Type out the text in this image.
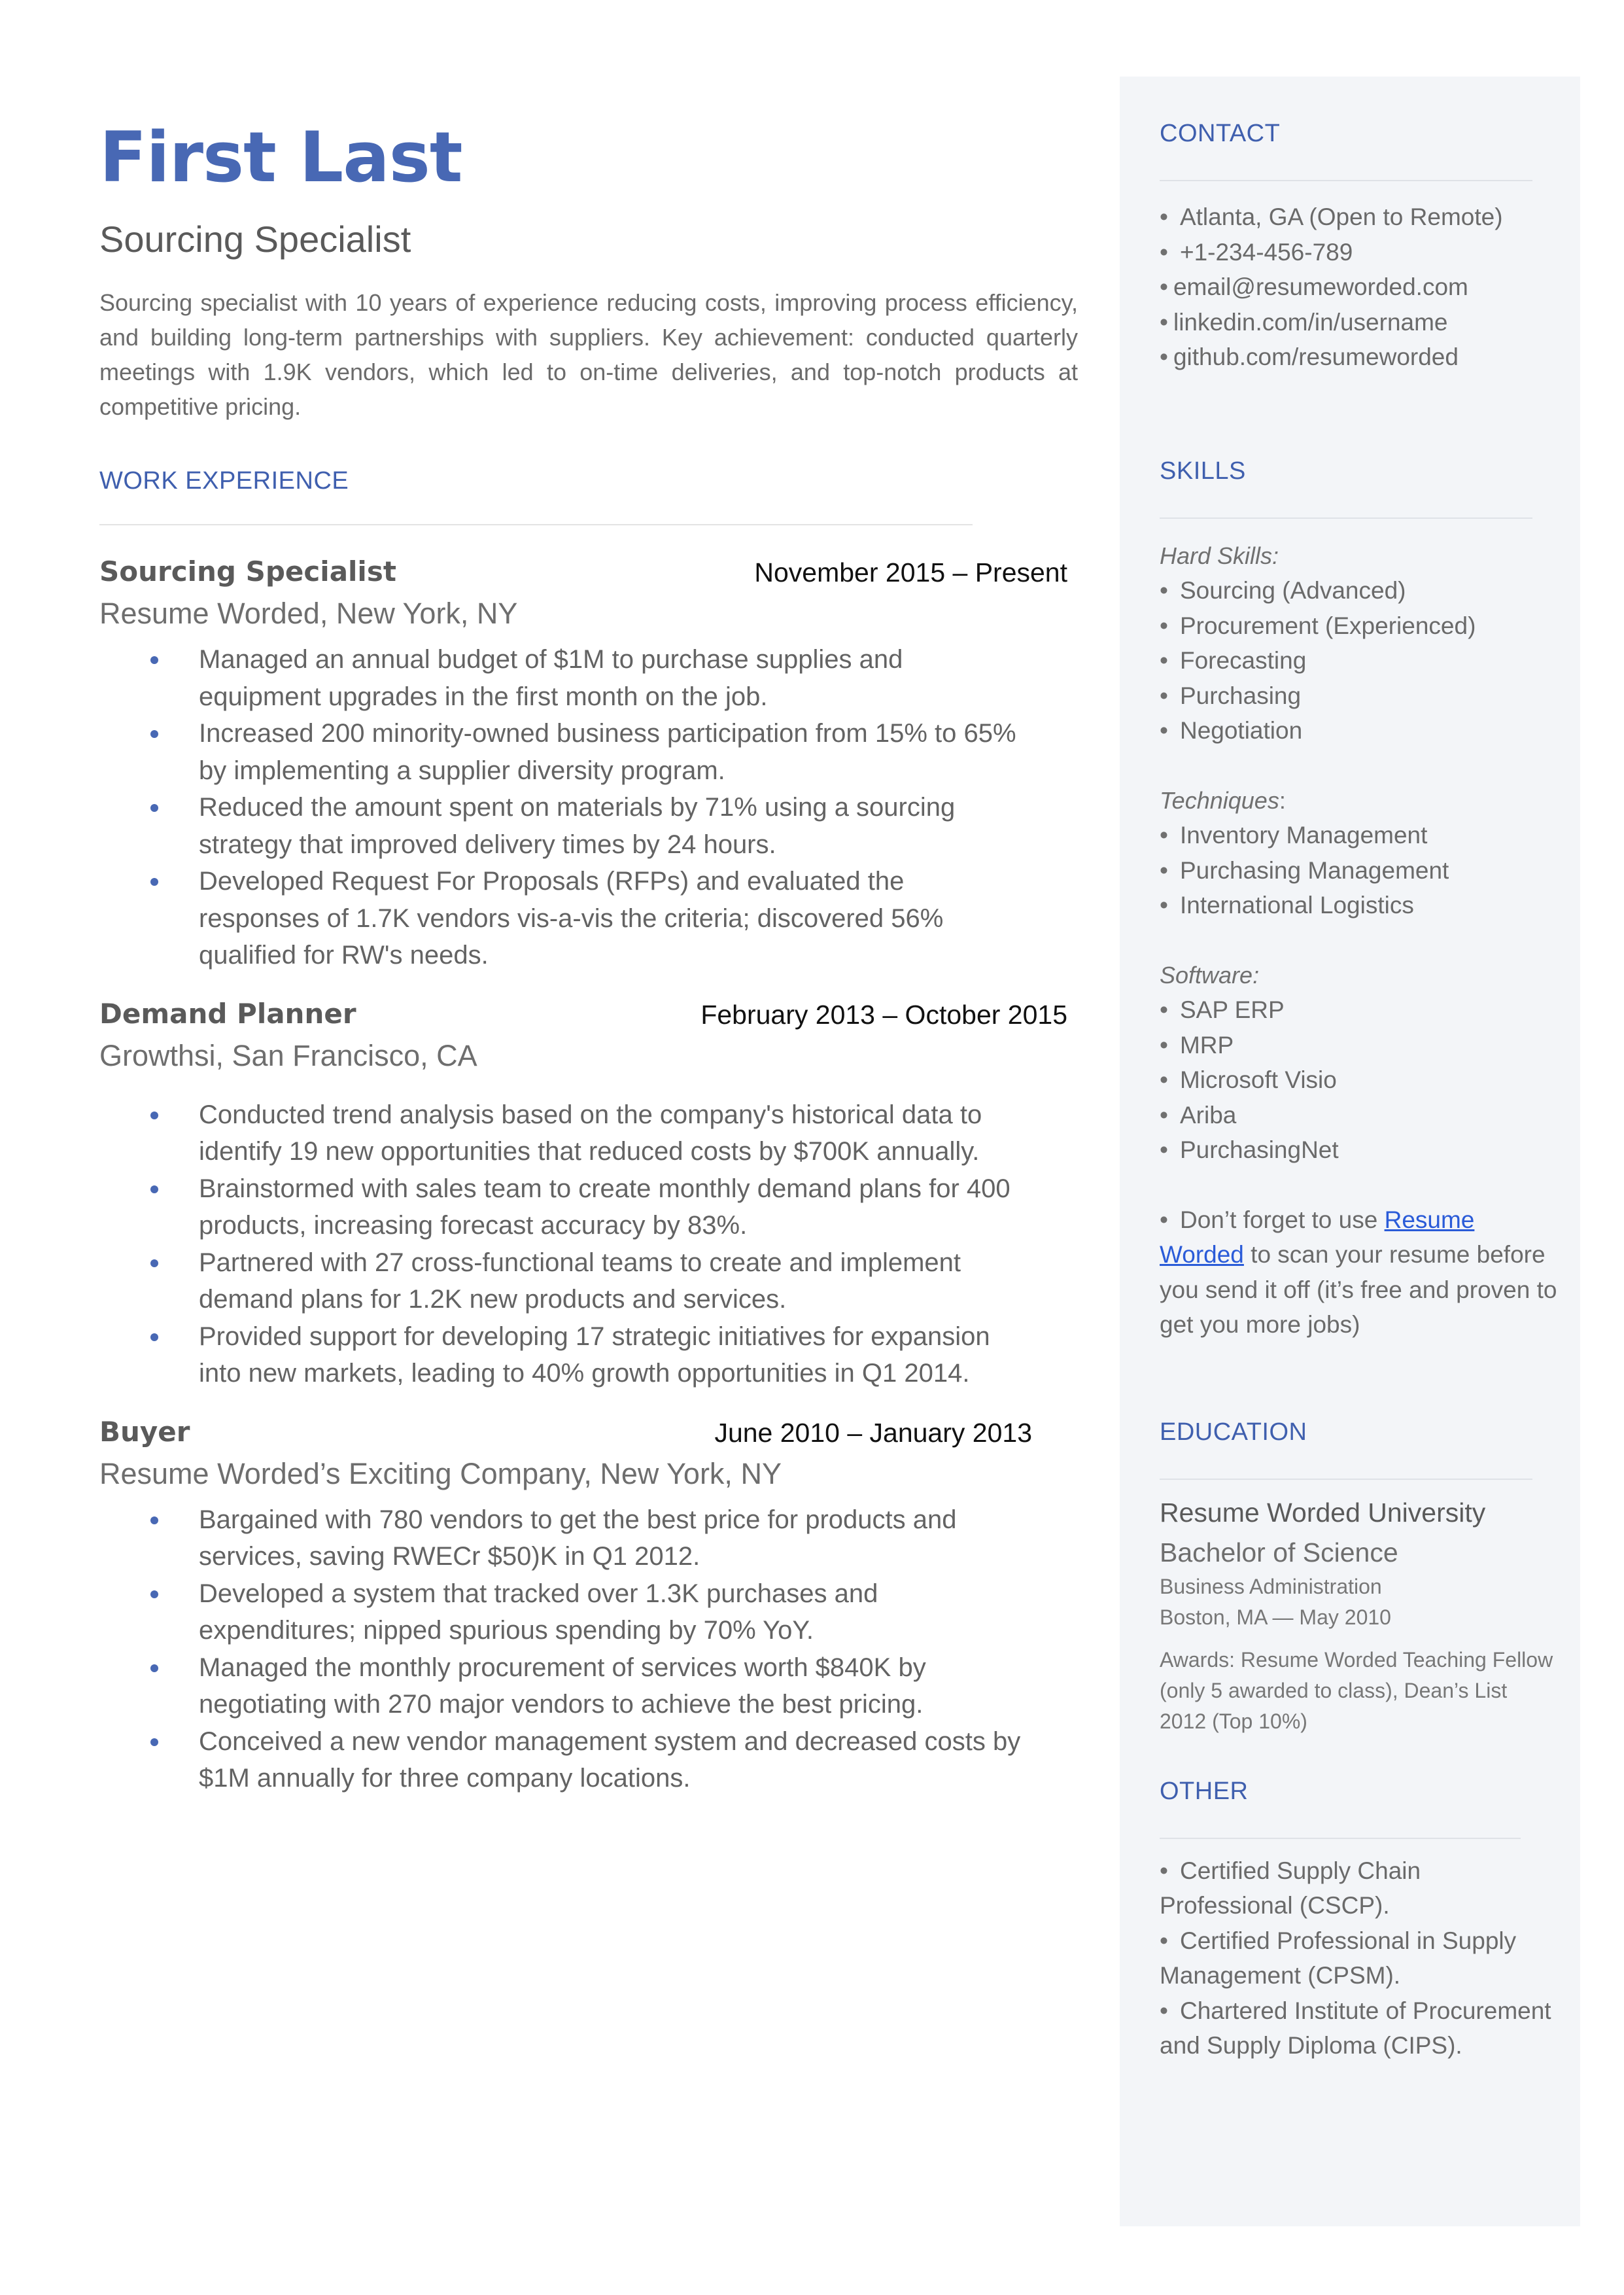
First Last
Sourcing Specialist
Sourcing specialist with 10 years of experience reducing costs, improving process efficiency, and building long-term partnerships with suppliers. Key achievement: conducted quarterly meetings with 1.9K vendors, which led to on-time deliveries, and top-notch products at competitive pricing.
WORK EXPERIENCE
Sourcing Specialist	November 2015 – Present
Resume Worded, New York, NY
Managed an annual budget of $1M to purchase supplies and equipment upgrades in the first month on the job.
Increased 200 minority-owned business participation from 15% to 65% by implementing a supplier diversity program.
Reduced the amount spent on materials by 71% using a sourcing strategy that improved delivery times by 24 hours.
Developed Request For Proposals (RFPs) and evaluated the responses of 1.7K vendors vis-a-vis the criteria; discovered 56% qualified for RW's needs.
Demand Planner	February 2013 – October 2015
Growthsi, San Francisco, CA
Conducted trend analysis based on the company's historical data to identify 19 new opportunities that reduced costs by $700K annually.
Brainstormed with sales team to create monthly demand plans for 400 products, increasing forecast accuracy by 83%.
Partnered with 27 cross-functional teams to create and implement demand plans for 1.2K new products and services.
Provided support for developing 17 strategic initiatives for expansion into new markets, leading to 40% growth opportunities in Q1 2014.
Buyer	June 2010 – January 2013
Resume Worded’s Exciting Company, New York, NY
Bargained with 780 vendors to get the best price for products and services, saving RWECr $50)K in Q1 2012.
Developed a system that tracked over 1.3K purchases and expenditures; nipped spurious spending by 70% YoY.
Managed the monthly procurement of services worth $840K by negotiating with 270 major vendors to achieve the best pricing.
Conceived a new vendor management system and decreased costs by $1M annually for three company locations.
CONTACT
• Atlanta, GA (Open to Remote)
• +1-234-456-789
• email@resumeworded.com
• linkedin.com/in/username
• github.com/resumeworded
SKILLS
Hard Skills:
• Sourcing (Advanced)
• Procurement (Experienced)
• Forecasting
• Purchasing
• Negotiation
Techniques:
• Inventory Management
• Purchasing Management
• International Logistics
Software:
• SAP ERP
• MRP
• Microsoft Visio
• Ariba
• PurchasingNet
• Don’t forget to use Resume Worded to scan your resume before you send it off (it’s free and proven to get you more jobs)
EDUCATION
Resume Worded University
Bachelor of Science
Business Administration
Boston, MA — May 2010
Awards: Resume Worded Teaching Fellow (only 5 awarded to class), Dean’s List 2012 (Top 10%)
OTHER
• Certified Supply Chain Professional (CSCP).
• Certified Professional in Supply Management (CPSM).
• Chartered Institute of Procurement and Supply Diploma (CIPS).
